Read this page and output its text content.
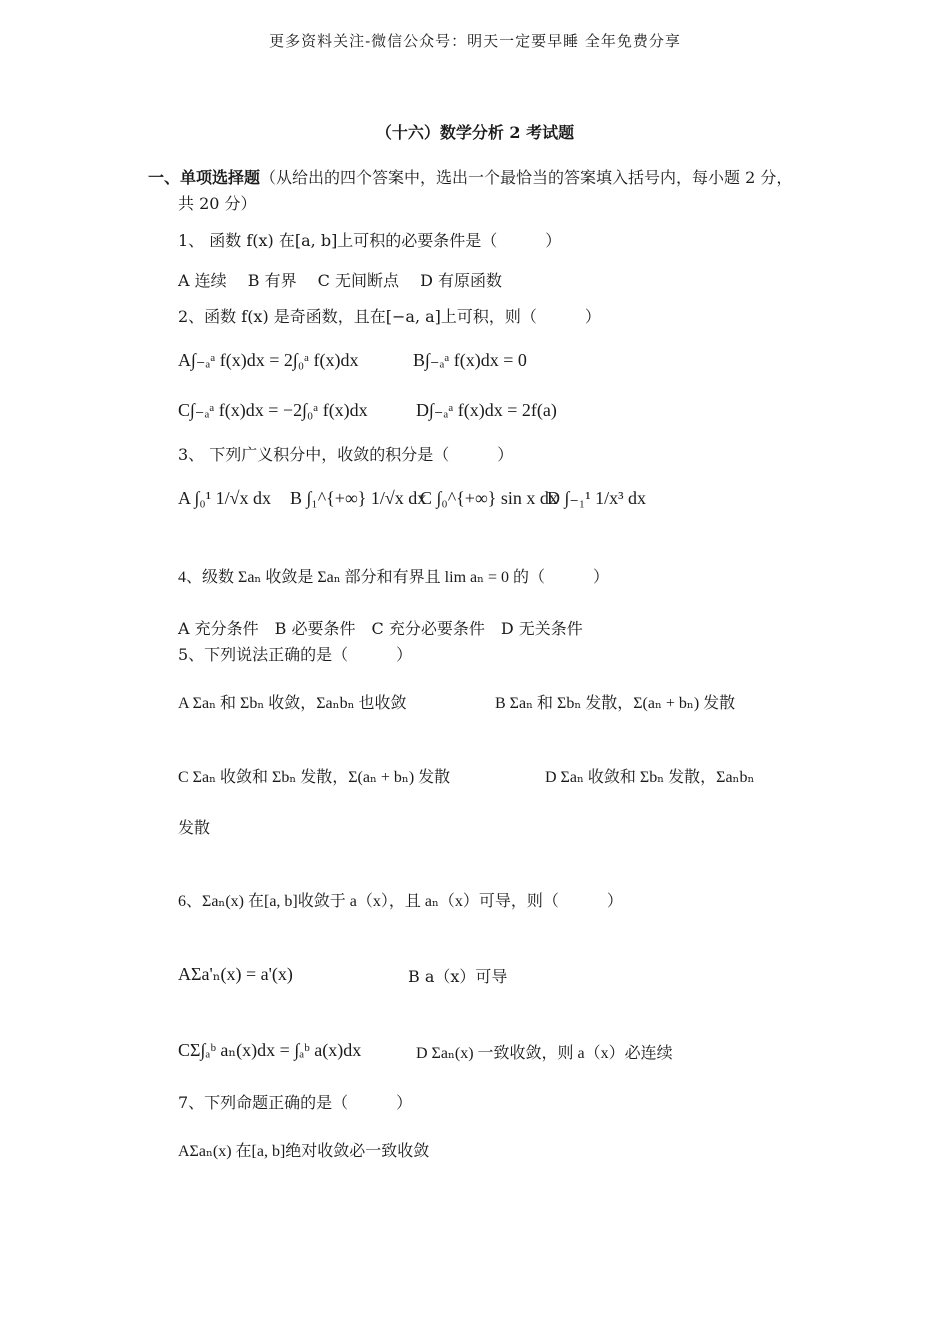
更多资料关注-微信公众号：明天一定要早睡 全年免费分享
（十六）数学分析 2 考试题
一、单项选择题（从给出的四个答案中，选出一个最恰当的答案填入括号内，每小题 2 分，
共 20 分）
1、 函数 f(x) 在[a, b]上可积的必要条件是（　　　）
A 连续　 B 有界　 C 无间断点　 D 有原函数
2、函数 f(x) 是奇函数，且在[−a, a]上可积，则（　　　）
A∫₋ₐᵃ f(x)dx = 2∫₀ᵃ f(x)dx	B∫₋ₐᵃ f(x)dx = 0
C∫₋ₐᵃ f(x)dx = −2∫₀ᵃ f(x)dx	D∫₋ₐᵃ f(x)dx = 2f(a)
3、 下列广义积分中，收敛的积分是（　　　）
A ∫₀¹ 1/√x dx B ∫₁^{+∞} 1/√x dx
C ∫₀^{+∞} sin x dx
D ∫₋₁¹ 1/x³ dx
4、级数 Σaₙ 收敛是 Σaₙ 部分和有界且 lim aₙ = 0 的（　　　）
A 充分条件　B 必要条件　C 充分必要条件　D 无关条件
5、下列说法正确的是（　　　）
A Σaₙ 和 Σbₙ 收敛，Σaₙbₙ 也收敛	B Σaₙ 和 Σbₙ 发散，Σ(aₙ + bₙ) 发散
C Σaₙ 收敛和 Σbₙ 发散，Σ(aₙ + bₙ) 发散	D Σaₙ 收敛和 Σbₙ 发散，Σaₙbₙ
发散
6、Σaₙ(x) 在[a, b]收敛于 a（x），且 aₙ（x）可导，则（　　　）
AΣa'ₙ(x) = a'(x)	B a（x）可导
CΣ∫ₐᵇ aₙ(x)dx = ∫ₐᵇ a(x)dx	D Σaₙ(x) 一致收敛，则 a（x）必连续
7、下列命题正确的是（　　　）
AΣaₙ(x) 在[a, b]绝对收敛必一致收敛
